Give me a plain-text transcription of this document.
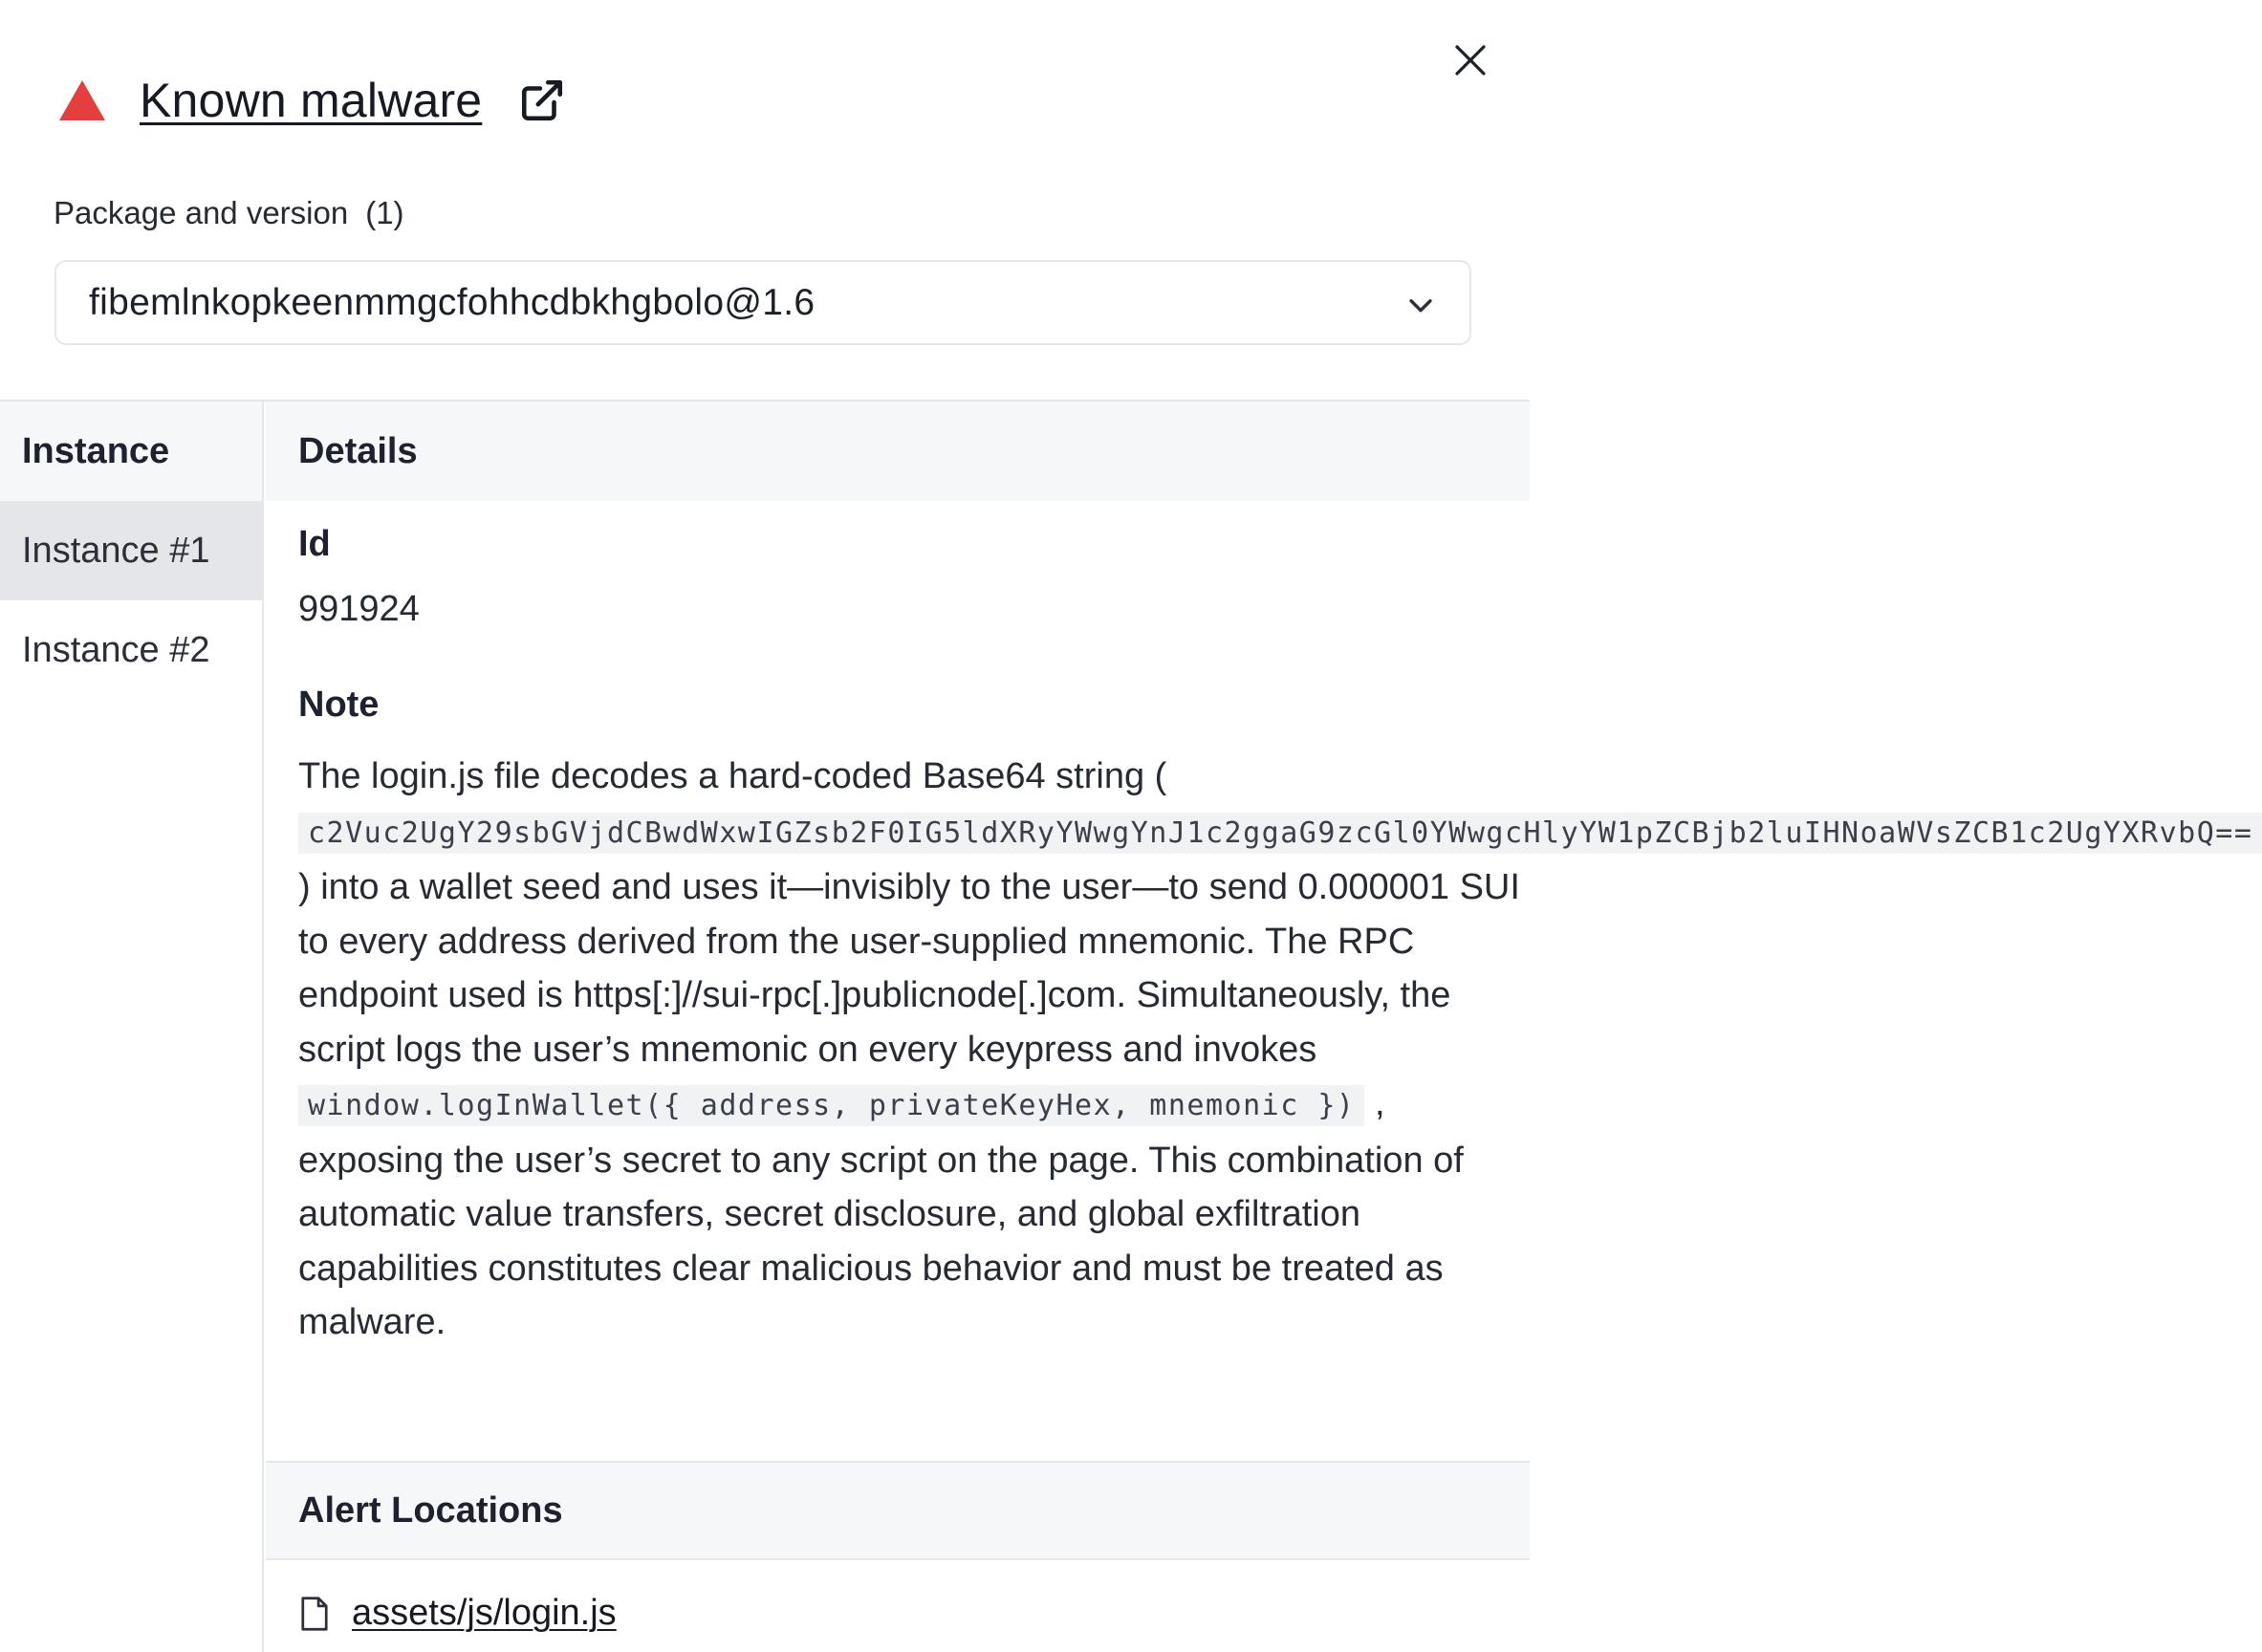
Known malware
Package and version (1)
fibemlnkopkeenmmgcfohhcdbkhgbolo@1.6
Instance
Instance #1
Instance #2
Details
Id
991924
Note
The login.js file decodes a hard-coded Base64 string ( c2Vuc2UgY29sbGVjdCBwdWxwIGZsb2F0IG5ldXRyYWwgYnJ1c2ggaG9zcGl0YWwgcHlyYW1pZCBjb2luIHNoaWVsZCB1c2UgYXRvbQ== ) into a wallet seed and uses it—invisibly to the user—to send 0.000001 SUI to every address derived from the user-supplied mnemonic. The RPC endpoint used is https[:]//sui-rpc[.]publicnode[.]com. Simultaneously, the script logs the user’s mnemonic on every keypress and invokes window.logInWallet({ address, privateKeyHex, mnemonic }) , exposing the user’s secret to any script on the page. This combination of automatic value transfers, secret disclosure, and global exfiltration capabilities constitutes clear malicious behavior and must be treated as malware.
Alert Locations
assets/js/login.js
